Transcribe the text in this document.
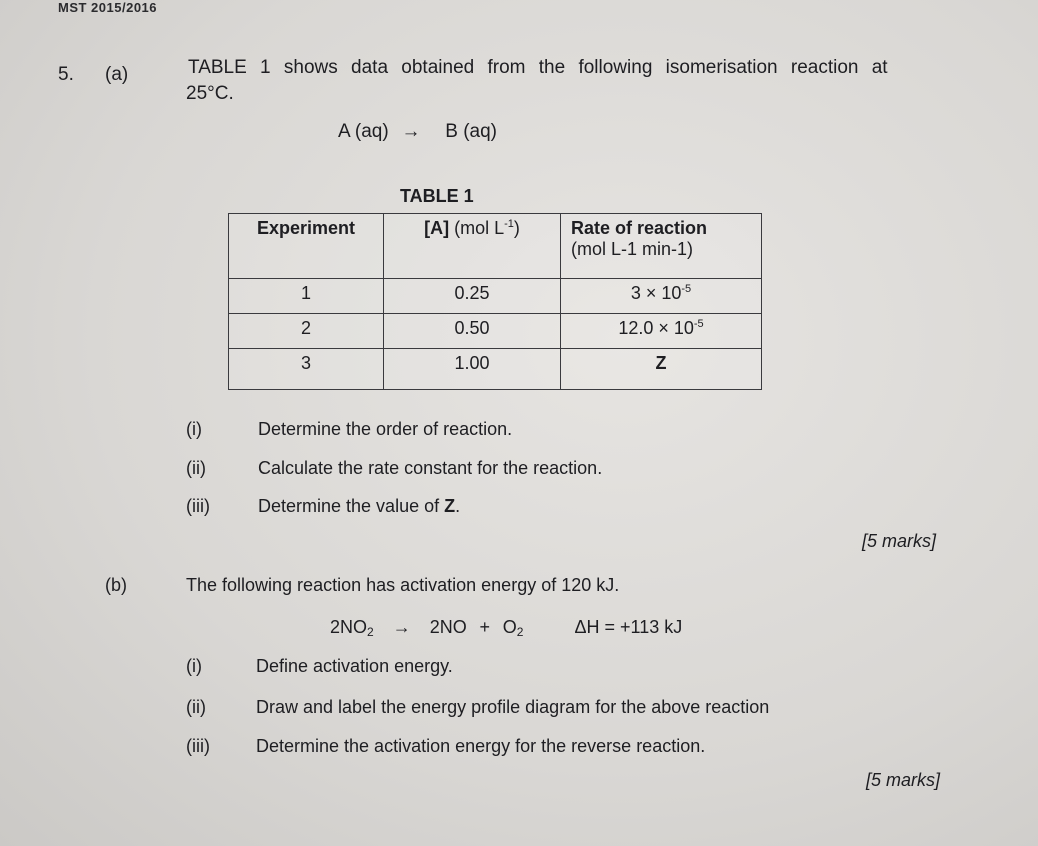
MST 2015/2016
5. (a)	TABLE 1 shows data obtained from the following isomerisation reaction at
25°C.
A (aq) → B (aq)
TABLE 1
Experiment	[A] (mol $L^{-1}$)	Rate of reaction
(mol L-1 min-1)

1	0.25	$3 \times 10^{-5}$
2	0.50	$12.0 \times 10^{-5}$
3	1.00	Z
(i)	Determine the order of reaction.
(ii)	Calculate the rate constant for the reaction.
(iii)	Determine the value of Z.
[5 marks]
(b)	The following reaction has activation energy of 120 kJ.
$2NO_2 \to 2NO + O_2$	ΔH = +113 kJ
(i)	Define activation energy.
(ii)	Draw and label the energy profile diagram for the above reaction
(iii)	Determine the activation energy for the reverse reaction.
[5 marks]
